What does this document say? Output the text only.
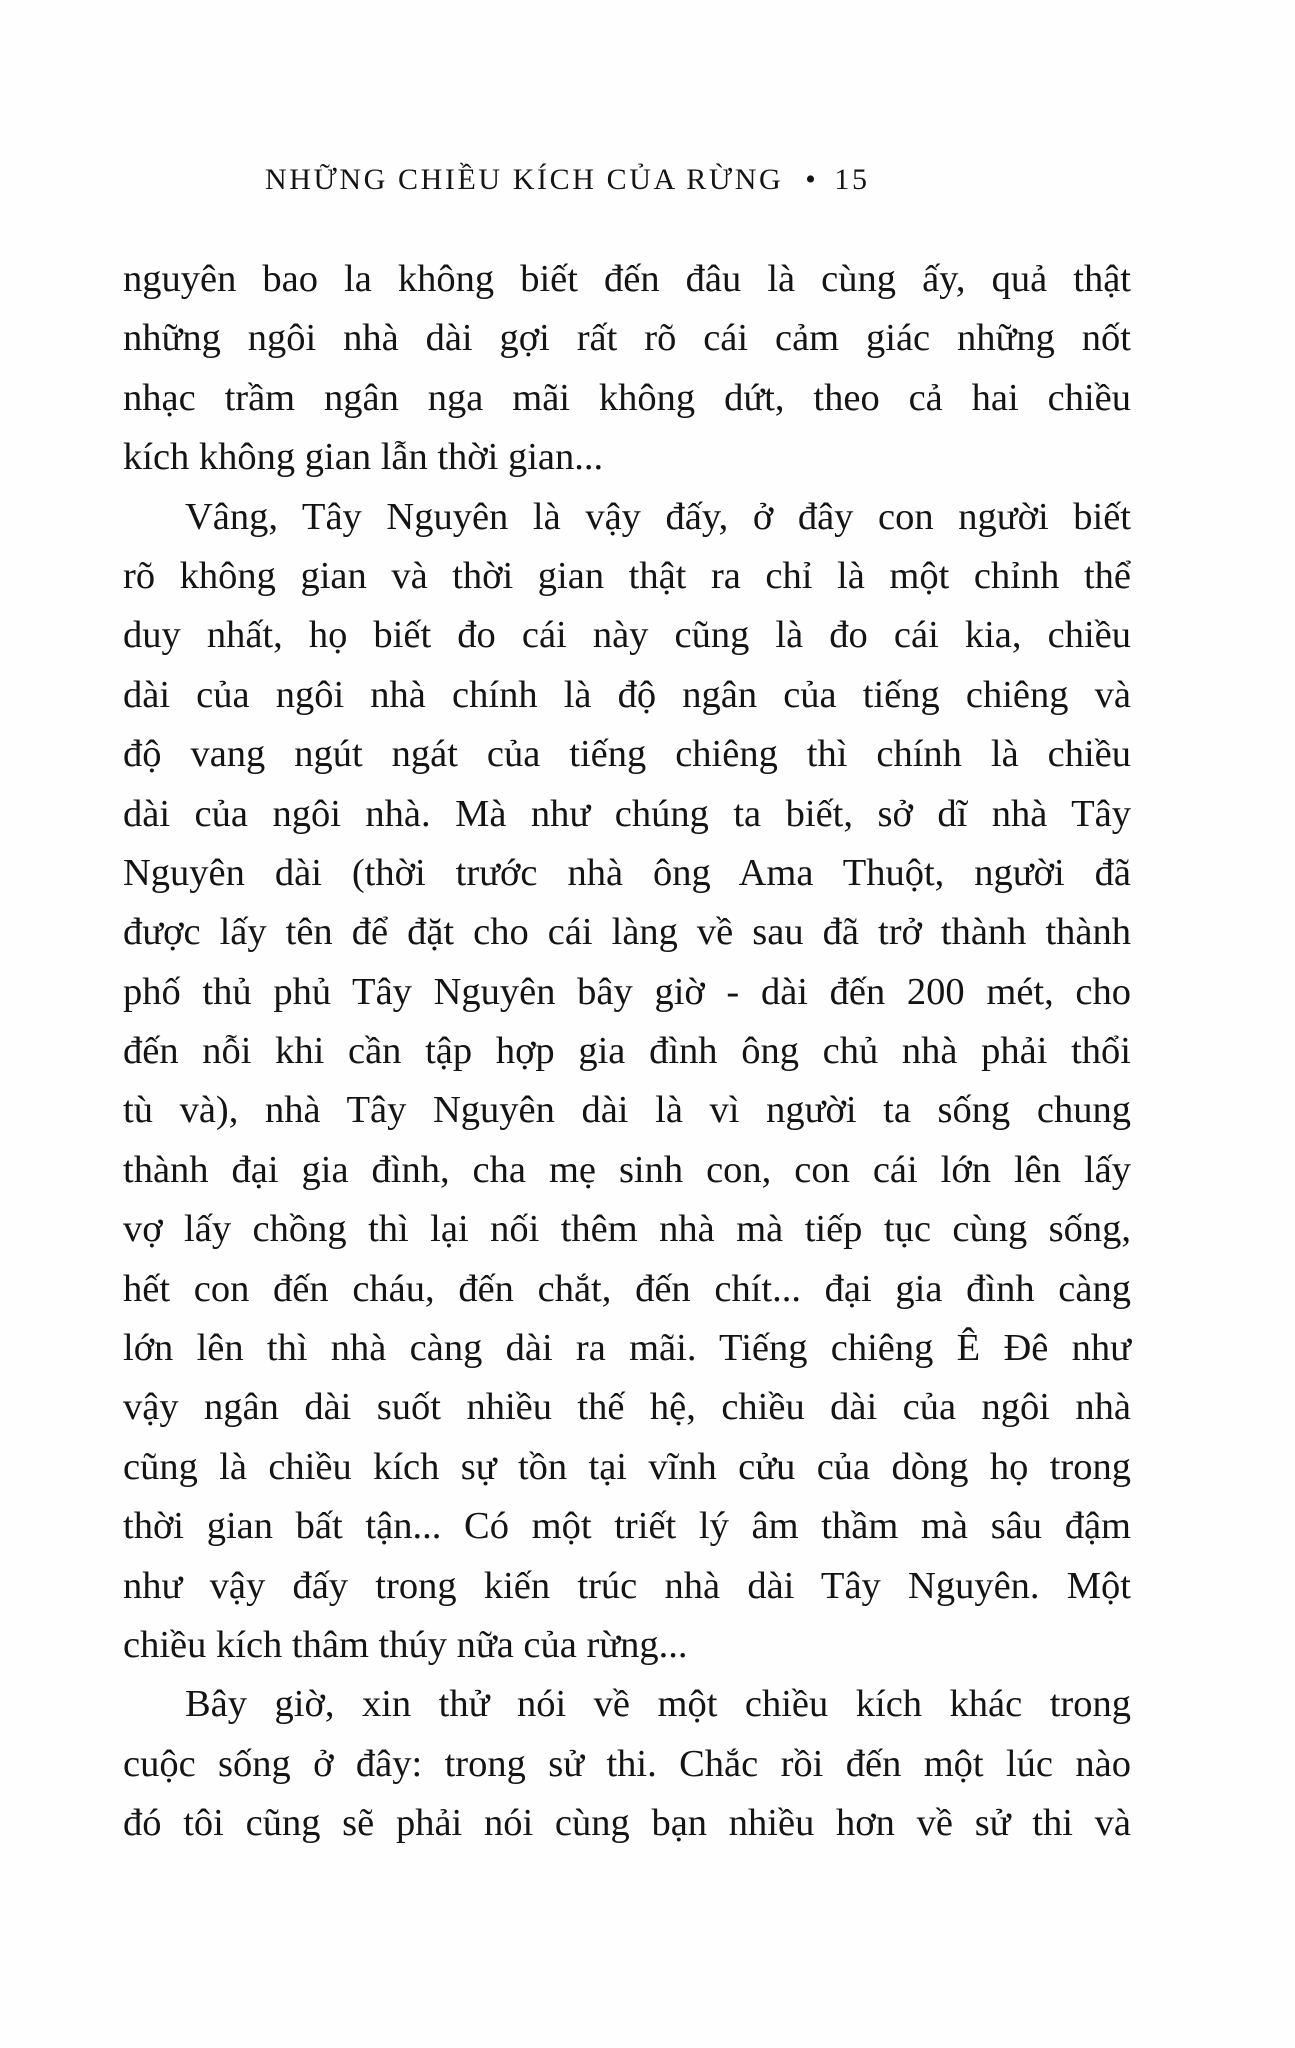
NHỮNG CHIỀU KÍCH CỦA RỪNG • 15
nguyên bao la không biết đến đâu là cùng ấy, quả thật
những ngôi nhà dài gợi rất rõ cái cảm giác những nốt
nhạc trầm ngân nga mãi không dứt, theo cả hai chiều
kích không gian lẫn thời gian...
Vâng, Tây Nguyên là vậy đấy, ở đây con người biết
rõ không gian và thời gian thật ra chỉ là một chỉnh thể
duy nhất, họ biết đo cái này cũng là đo cái kia, chiều
dài của ngôi nhà chính là độ ngân của tiếng chiêng và
độ vang ngút ngát của tiếng chiêng thì chính là chiều
dài của ngôi nhà. Mà như chúng ta biết, sở dĩ nhà Tây
Nguyên dài (thời trước nhà ông Ama Thuột, người đã
được lấy tên để đặt cho cái làng về sau đã trở thành thành
phố thủ phủ Tây Nguyên bây giờ - dài đến 200 mét, cho
đến nỗi khi cần tập hợp gia đình ông chủ nhà phải thổi
tù và), nhà Tây Nguyên dài là vì người ta sống chung
thành đại gia đình, cha mẹ sinh con, con cái lớn lên lấy
vợ lấy chồng thì lại nối thêm nhà mà tiếp tục cùng sống,
hết con đến cháu, đến chắt, đến chít... đại gia đình càng
lớn lên thì nhà càng dài ra mãi. Tiếng chiêng Ê Đê như
vậy ngân dài suốt nhiều thế hệ, chiều dài của ngôi nhà
cũng là chiều kích sự tồn tại vĩnh cửu của dòng họ trong
thời gian bất tận... Có một triết lý âm thầm mà sâu đậm
như vậy đấy trong kiến trúc nhà dài Tây Nguyên. Một
chiều kích thâm thúy nữa của rừng...
Bây giờ, xin thử nói về một chiều kích khác trong
cuộc sống ở đây: trong sử thi. Chắc rồi đến một lúc nào
đó tôi cũng sẽ phải nói cùng bạn nhiều hơn về sử thi và
